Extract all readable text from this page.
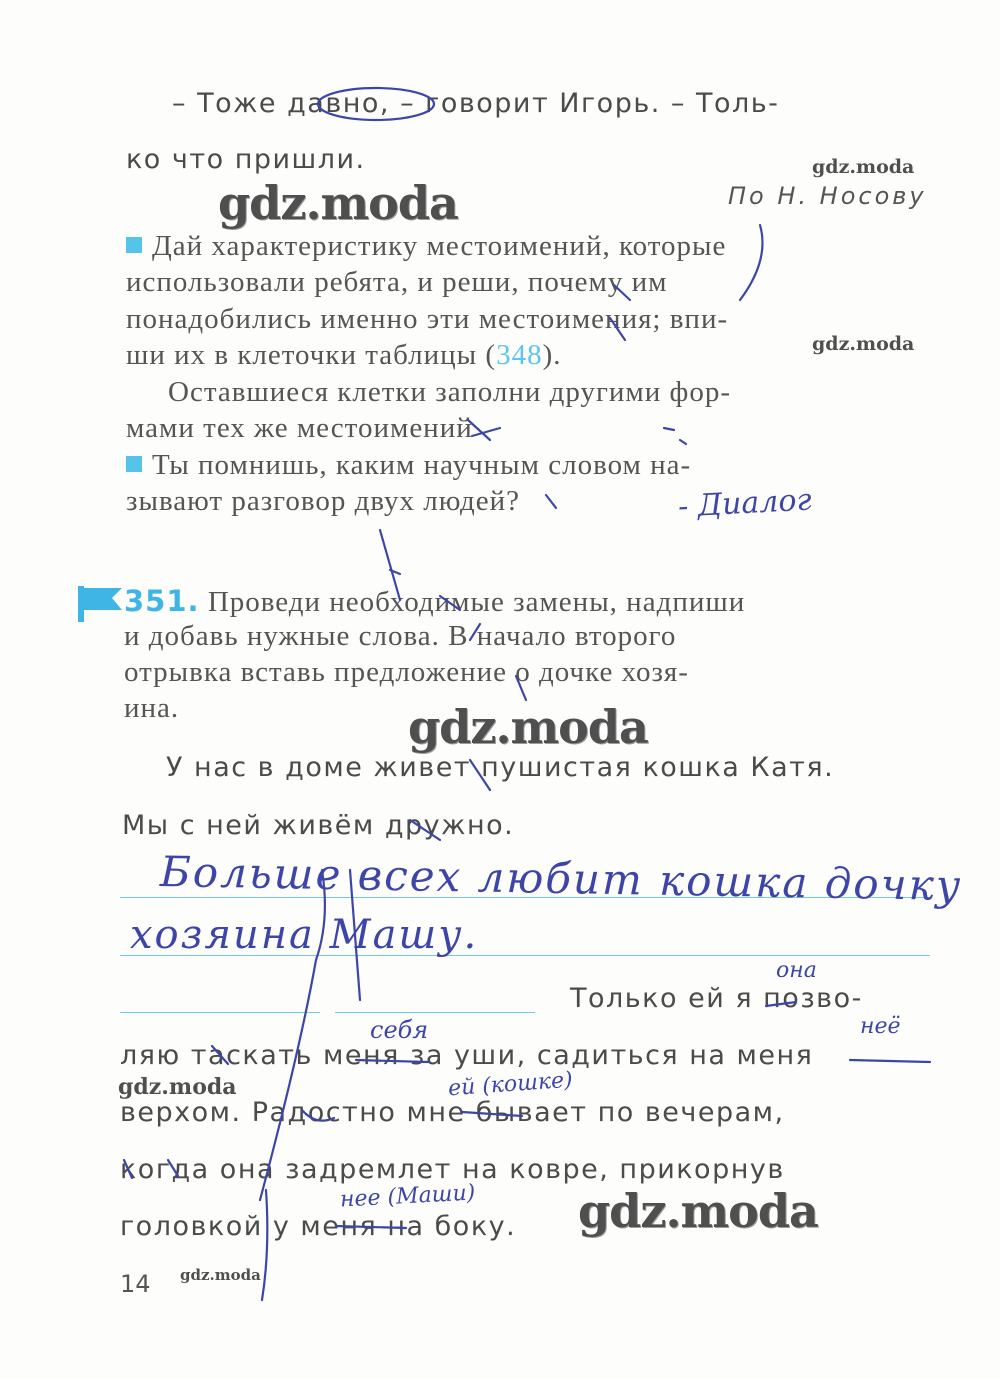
– Тоже давно, – говорит Игорь. – Толь-
ко что пришли.
По Н. Носову
Дай характеристику местоимений, которые
использовали ребята, и реши, почему им
понадобились именно эти местоимения; впи-
ши их в клеточки таблицы (348).
Оставшиеся клетки заполни другими фор-
мами тех же местоимений
Ты помнишь, каким научным словом на-
зывают разговор двух людей?
351. Проведи необходимые замены, надпиши
и добавь нужные слова. В начало второго
отрывка вставь предложение о дочке хозя-
ина.
У нас в доме живет пушистая кошка Катя.
Мы с ней живём дружно.
Только ей я позво-
ляю таскать меня за уши, садиться на меня
верхом. Радостно мне бывает по вечерам,
когда она задремлет на ковре, прикорнув
головкой у меня на боку.
14
- Диалог
Больше всех любит кошка дочку
хозяина Машу.
она
себя	неё
ей (кошке)
нее (Маши)
gdz.moda
gdz.moda
gdz.moda
gdz.moda
gdz.moda
gdz.moda
gdz.moda
